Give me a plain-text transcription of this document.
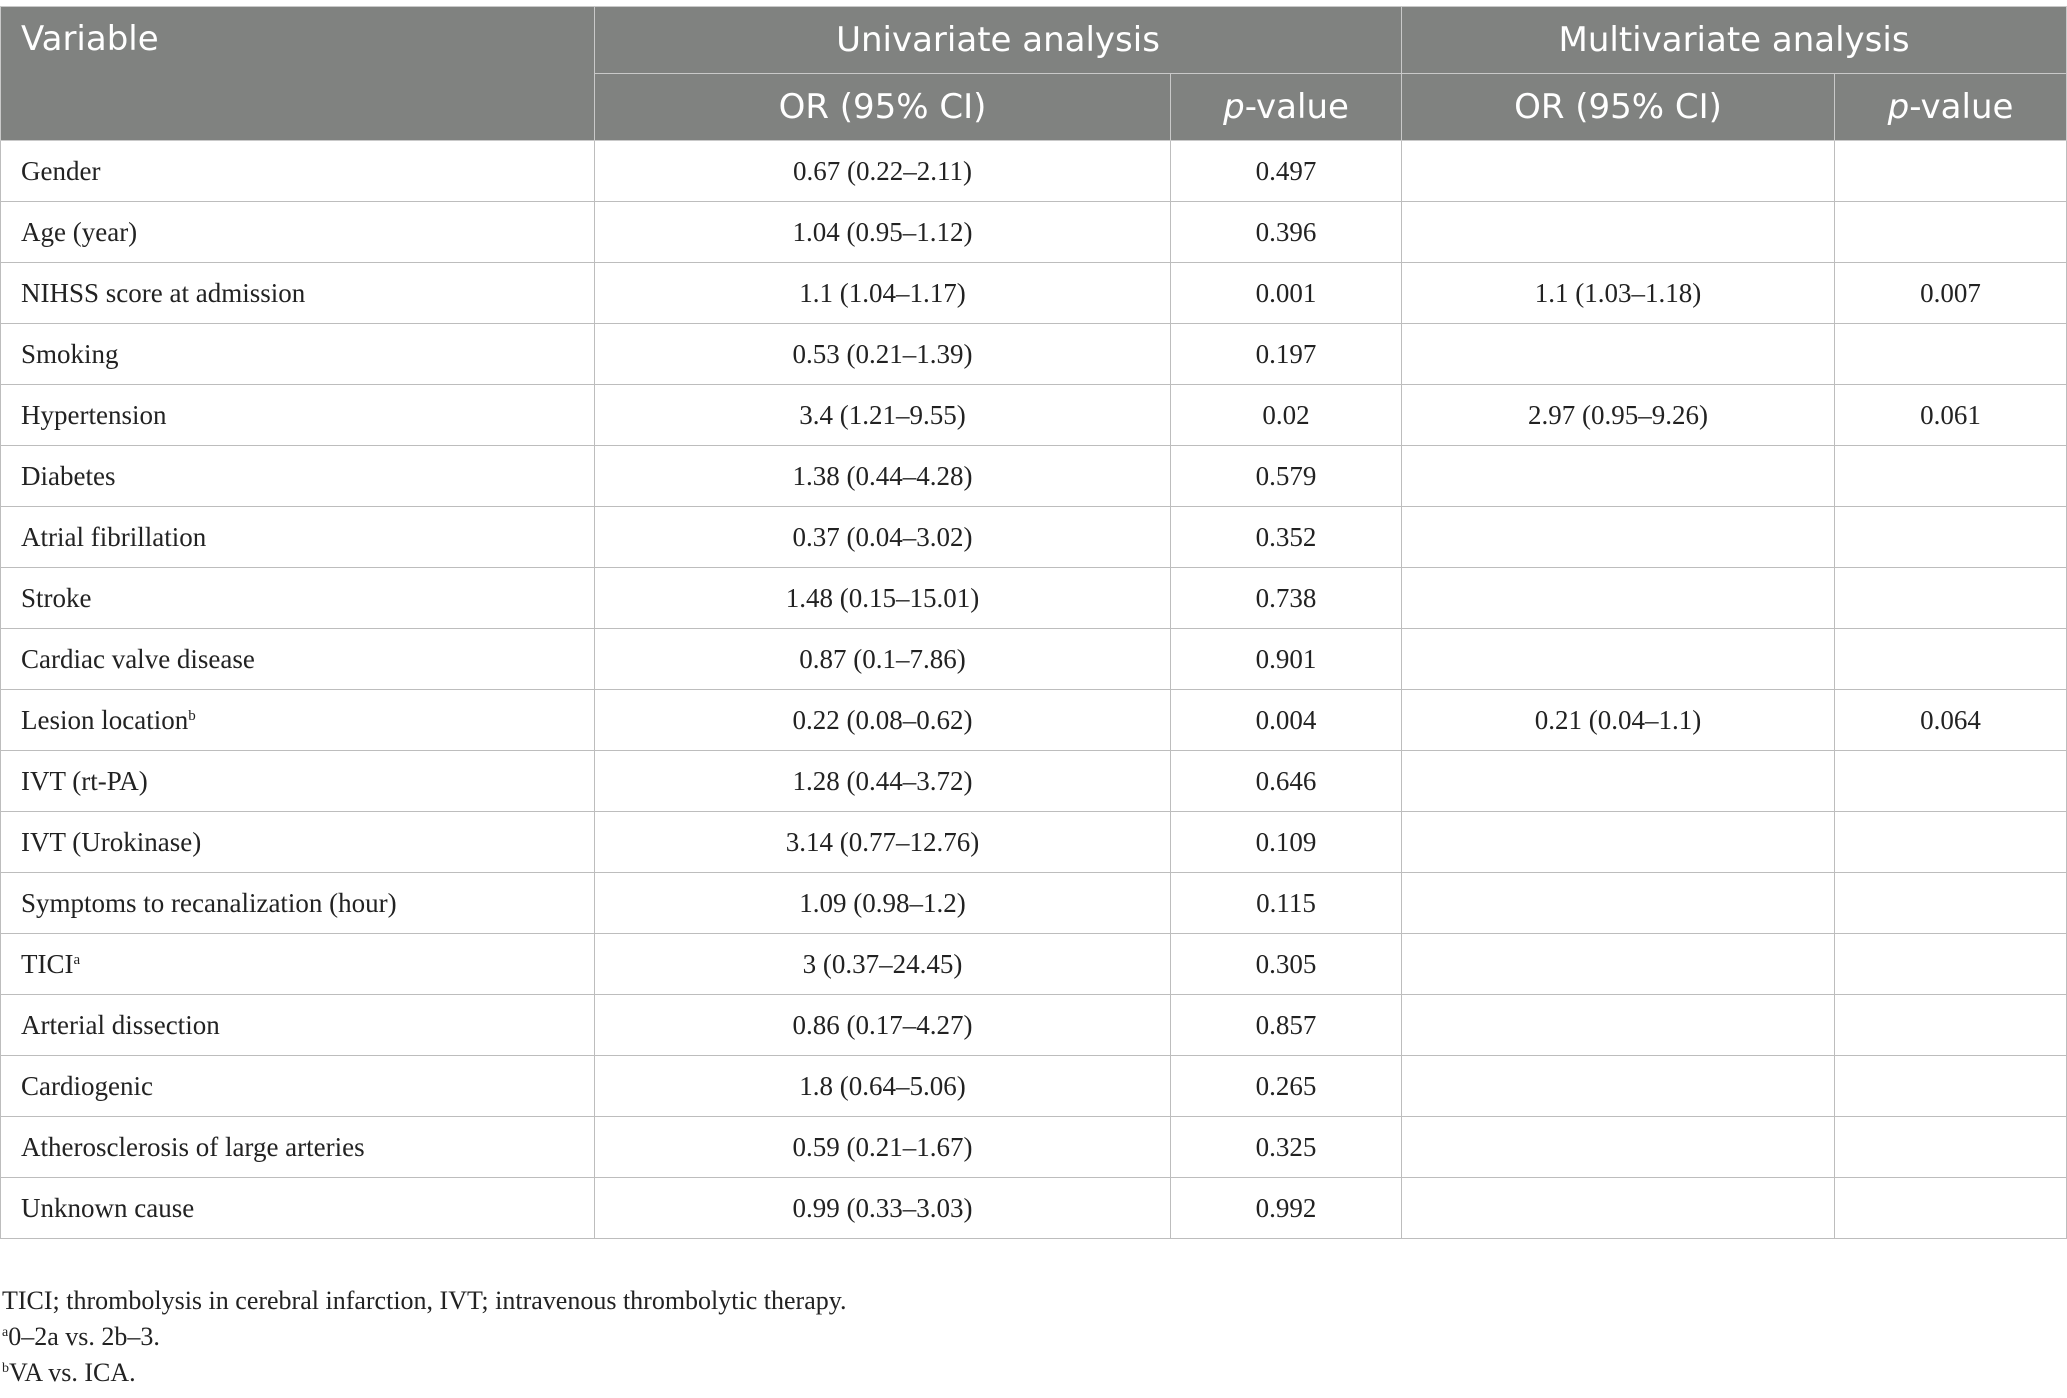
Variable	Univariate analysis		Multivariate analysis	
	OR (95% CI)	p-value	OR (95% CI)	p-value
Gender	0.67 (0.22–2.11)	0.497		
Age (year)	1.04 (0.95–1.12)	0.396		
NIHSS score at admission	1.1 (1.04–1.17)	0.001	1.1 (1.03–1.18)	0.007
Smoking	0.53 (0.21–1.39)	0.197		
Hypertension	3.4 (1.21–9.55)	0.02	2.97 (0.95–9.26)	0.061
Diabetes	1.38 (0.44–4.28)	0.579		
Atrial fibrillation	0.37 (0.04–3.02)	0.352		
Stroke	1.48 (0.15–15.01)	0.738		
Cardiac valve disease	0.87 (0.1–7.86)	0.901		
Lesion location$^b$	0.22 (0.08–0.62)	0.004	0.21 (0.04–1.1)	0.064
IVT (rt-PA)	1.28 (0.44–3.72)	0.646		
IVT (Urokinase)	3.14 (0.77–12.76)	0.109		
Symptoms to recanalization (hour)	1.09 (0.98–1.2)	0.115		
TICI$^a$	3 (0.37–24.45)	0.305		
Arterial dissection	0.86 (0.17–4.27)	0.857		
Cardiogenic	1.8 (0.64–5.06)	0.265		
Atherosclerosis of large arteries	0.59 (0.21–1.67)	0.325		
Unknown cause	0.99 (0.33–3.03)	0.992		
TICI; thrombolysis in cerebral infarction, IVT; intravenous thrombolytic therapy.
$^a$0–2a vs. 2b–3.
$^b$VA vs. ICA.
